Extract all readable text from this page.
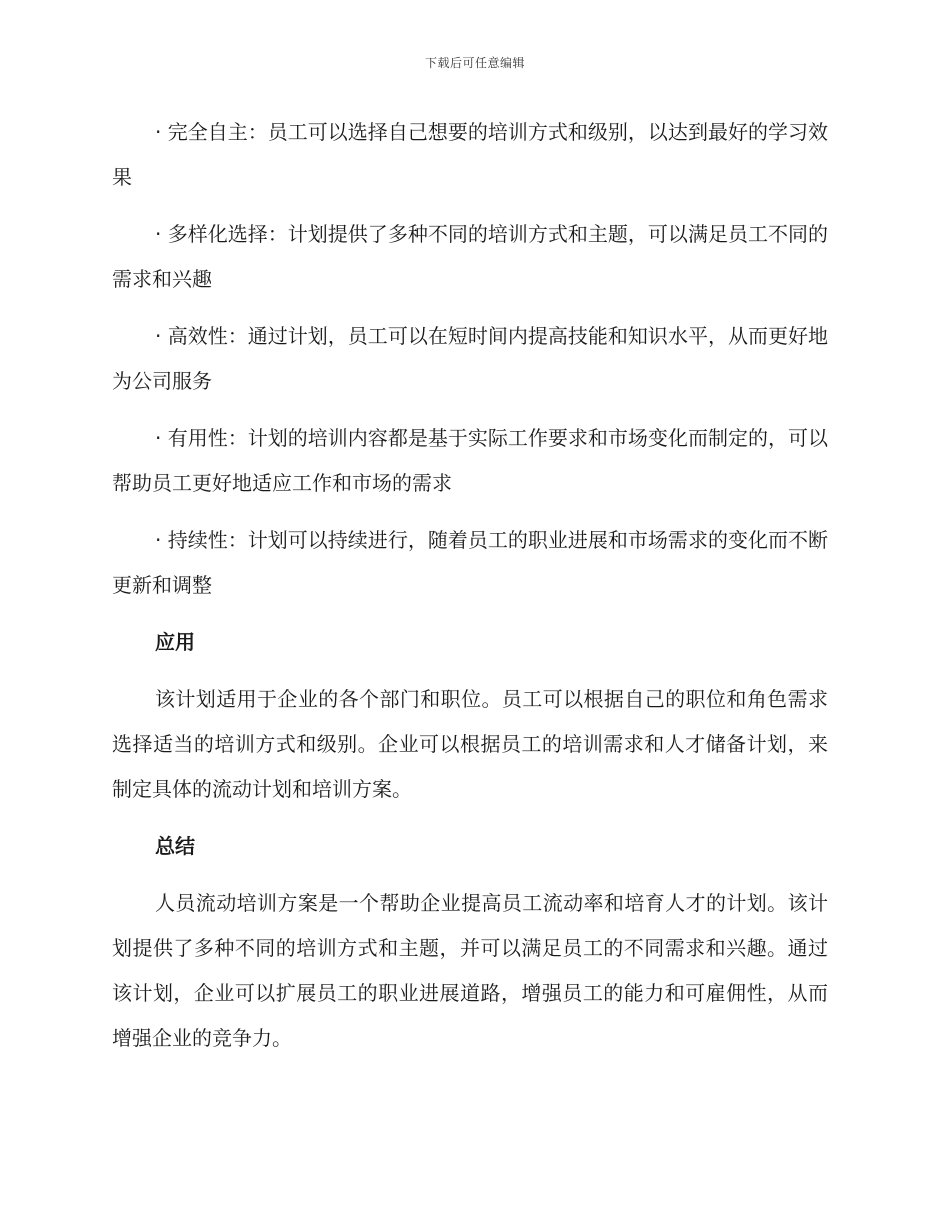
下载后可任意编辑

· 完全自主：员工可以选择自己想要的培训方式和级别，以达到最好的学习效果

· 多样化选择：计划提供了多种不同的培训方式和主题，可以满足员工不同的需求和兴趣

· 高效性：通过计划，员工可以在短时间内提高技能和知识水平，从而更好地为公司服务

· 有用性：计划的培训内容都是基于实际工作要求和市场变化而制定的，可以帮助员工更好地适应工作和市场的需求

· 持续性：计划可以持续进行，随着员工的职业进展和市场需求的变化而不断更新和调整

应用

该计划适用于企业的各个部门和职位。员工可以根据自己的职位和角色需求选择适当的培训方式和级别。企业可以根据员工的培训需求和人才储备计划，来制定具体的流动计划和培训方案。

总结

人员流动培训方案是一个帮助企业提高员工流动率和培育人才的计划。该计划提供了多种不同的培训方式和主题，并可以满足员工的不同需求和兴趣。通过该计划，企业可以扩展员工的职业进展道路，增强员工的能力和可雇佣性，从而增强企业的竞争力。
